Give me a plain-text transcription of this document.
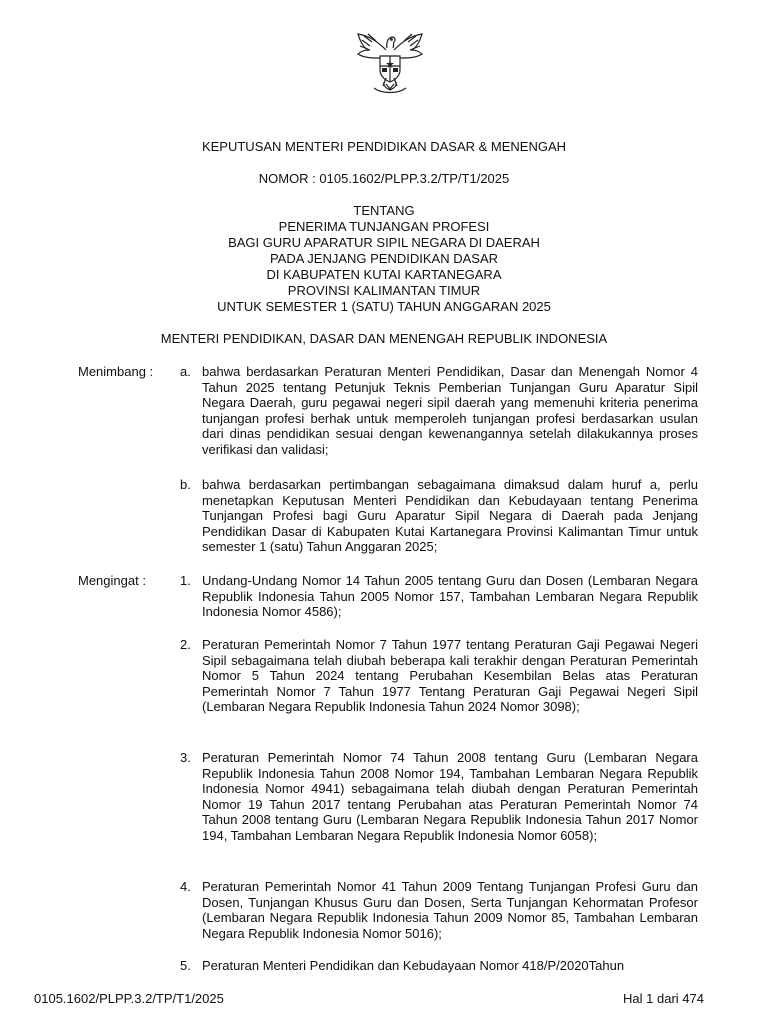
KEPUTUSAN MENTERI PENDIDIKAN DASAR & MENENGAH
NOMOR : 0105.1602/PLPP.3.2/TP/T1/2025
TENTANG
PENERIMA TUNJANGAN PROFESI
BAGI GURU APARATUR SIPIL NEGARA DI DAERAH
PADA JENJANG PENDIDIKAN DASAR
DI KABUPATEN KUTAI KARTANEGARA
PROVINSI KALIMANTAN TIMUR
UNTUK SEMESTER 1 (SATU) TAHUN ANGGARAN 2025
MENTERI PENDIDIKAN, DASAR DAN MENENGAH REPUBLIK INDONESIA
Menimbang : a. bahwa berdasarkan Peraturan Menteri Pendidikan, Dasar dan Menengah Nomor 4 Tahun 2025 tentang Petunjuk Teknis Pemberian Tunjangan Guru Aparatur Sipil Negara Daerah, guru pegawai negeri sipil daerah yang memenuhi kriteria penerima tunjangan profesi berhak untuk memperoleh tunjangan profesi berdasarkan usulan dari dinas pendidikan sesuai dengan kewenangannya setelah dilakukannya proses verifikasi dan validasi;
b. bahwa berdasarkan pertimbangan sebagaimana dimaksud dalam huruf a, perlu menetapkan Keputusan Menteri Pendidikan dan Kebudayaan tentang Penerima Tunjangan Profesi bagi Guru Aparatur Sipil Negara di Daerah pada Jenjang Pendidikan Dasar di Kabupaten Kutai Kartanegara Provinsi Kalimantan Timur untuk semester 1 (satu) Tahun Anggaran 2025;
Mengingat :	1. Undang-Undang Nomor 14 Tahun 2005 tentang Guru dan Dosen (Lembaran Negara Republik Indonesia Tahun 2005 Nomor 157, Tambahan Lembaran Negara Republik Indonesia Nomor 4586);
2. Peraturan Pemerintah Nomor 7 Tahun 1977 tentang Peraturan Gaji Pegawai Negeri Sipil sebagaimana telah diubah beberapa kali terakhir dengan Peraturan Pemerintah Nomor 5 Tahun 2024 tentang Perubahan Kesembilan Belas atas Peraturan Pemerintah Nomor 7 Tahun 1977 Tentang Peraturan Gaji Pegawai Negeri Sipil (Lembaran Negara Republik Indonesia Tahun 2024 Nomor 3098);
3. Peraturan Pemerintah Nomor 74 Tahun 2008 tentang Guru (Lembaran Negara Republik Indonesia Tahun 2008 Nomor 194, Tambahan Lembaran Negara Republik Indonesia Nomor 4941) sebagaimana telah diubah dengan Peraturan Pemerintah Nomor 19 Tahun 2017 tentang Perubahan atas Peraturan Pemerintah Nomor 74 Tahun 2008 tentang Guru (Lembaran Negara Republik Indonesia Tahun 2017 Nomor 194, Tambahan Lembaran Negara Republik Indonesia Nomor 6058);
4. Peraturan Pemerintah Nomor 41 Tahun 2009 Tentang Tunjangan Profesi Guru dan Dosen, Tunjangan Khusus Guru dan Dosen, Serta Tunjangan Kehormatan Profesor (Lembaran Negara Republik Indonesia Tahun 2009 Nomor 85, Tambahan Lembaran Negara Republik Indonesia Nomor 5016);
5. Peraturan Menteri Pendidikan dan Kebudayaan Nomor 418/P/2020Tahun
0105.1602/PLPP.3.2/TP/T1/2025	Hal 1 dari 474
